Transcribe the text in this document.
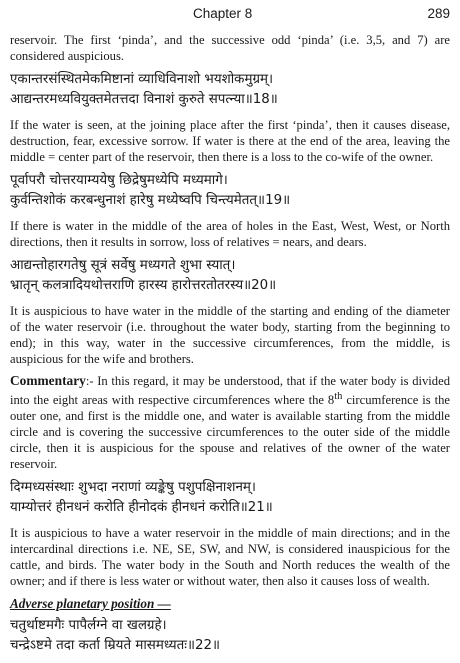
Chapter 8	289

reservoir. The first ‘pinda’, and the successive odd ‘pinda’ (i.e. 3,5, and 7) are considered auspicious.

एकान्तरसंस्थितमेकमिष्टानां व्याधिविनाशो भयशोकमुग्रम्।

आद्यन्तरमध्यवियुक्तमेतत्तदा विनाशं कुरुते सपत्न्या॥18॥

If the water is seen, at the joining place after the first ‘pinda’, then it causes disease, destruction, fear, excessive sorrow. If water is there at the end of the area, leaving the middle = center part of the reservoir, then there is a loss to the co-wife of the owner.

पूर्वापरौ चोत्तरयाम्ययेषु छिद्रेषुमध्येपि मध्यमागे।

कुर्वन्तिशोकं करबन्धुनाशं हारेषु मध्येष्वपि चिन्त्यमेतत्॥19॥

If there is water in the middle of the area of holes in the East, West, West, or North directions, then it results in sorrow, loss of relatives = nears, and dears.

आद्यन्तोहारगतेषु सूत्रं सर्वेषु मध्यगते शुभा स्यात्।

भ्रातृन् कलत्रादियथोत्तराणि हारस्य हारोत्तरतोतरस्य॥20॥

It is auspicious to have water in the middle of the starting and ending of the diameter of the water reservoir (i.e. throughout the water body, starting from the beginning to end); in this way, water in the successive circumferences, from the middle, is auspicious for the wife and brothers.

Commentary:- In this regard, it may be understood, that if the water body is divided into the eight areas with respective circumferences where the 8th circumference is the outer one, and first is the middle one, and water is available starting from the middle circle and is covering the successive circumferences to the outer side of the middle circle, then it is auspicious for the spouse and relatives of the owner of the water reservoir.

दिग्मध्यसंस्थाः शुभदा नराणां व्यङ्केषु पशुपक्षिनाशनम्।

याम्योत्तरं हीनधनं करोति हीनोदकं हीनधनं करोति॥21॥

It is auspicious to have a water reservoir in the middle of main directions; and in the intercardinal directions i.e. NE, SE, SW, and NW, is considered inauspicious for the cattle, and birds. The water body in the South and North reduces the wealth of the owner; and if there is less water or without water, then also it causes loss of wealth.

Adverse planetary position —

चतुर्थाष्टमगैः पापैर्लग्ने वा खलग्रहे।

चन्द्रेऽष्टमे तदा कर्ता म्रियते मासमध्यतः॥22॥
